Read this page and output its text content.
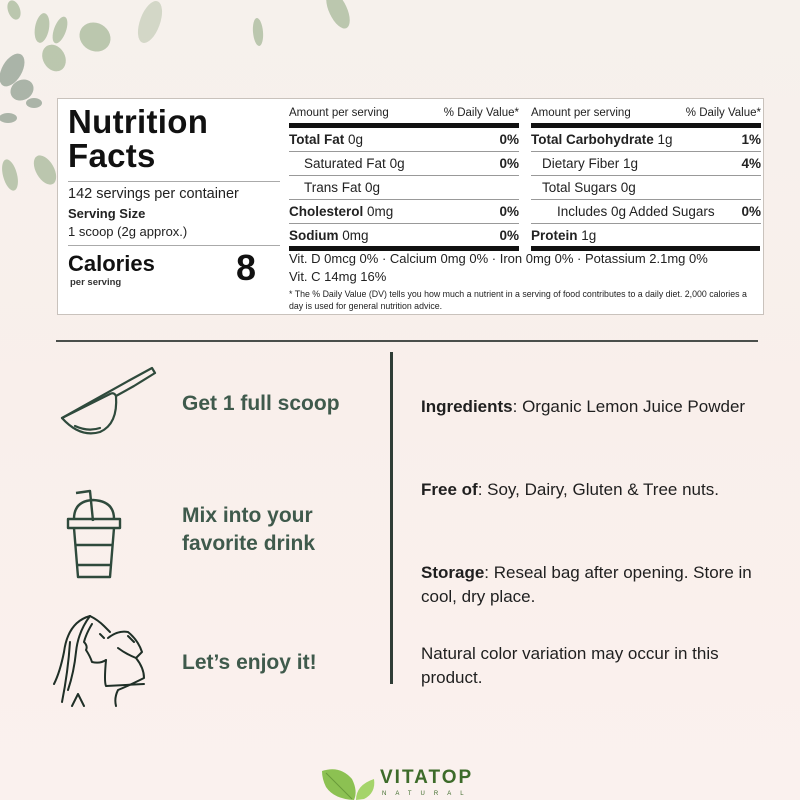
Nutrition
Facts
142 servings per container
Serving Size
1 scoop (2g approx.)
Calories
per serving	8
Amount per serving	% Daily Value*
Total Fat 0g	0%
Saturated Fat 0g	0%
Trans Fat 0g
Cholesterol 0mg	0%
Sodium 0mg	0%
Amount per serving	% Daily Value*
Total Carbohydrate 1g	1%
Dietary Fiber 1g	4%
Total Sugars 0g
Includes 0g Added Sugars 0%
Protein 1g
Vit. D 0mcg 0% · Calcium 0mg 0% · Iron 0mg 0% · Potassium 2.1mg 0%
Vit. C 14mg 16%
* The % Daily Value (DV) tells you how much a nutrient in a serving of food contributes to a daily diet. 2,000 calories a day is used for general nutrition advice.
Get 1 full scoop
Mix into your
favorite drink
Let’s enjoy it!
Ingredients: Organic Lemon Juice Powder
Free of: Soy, Dairy, Gluten & Tree nuts.
Storage: Reseal bag after opening. Store in cool, dry place.
Natural color variation may occur in this product.
VITATOP
NATURAL
